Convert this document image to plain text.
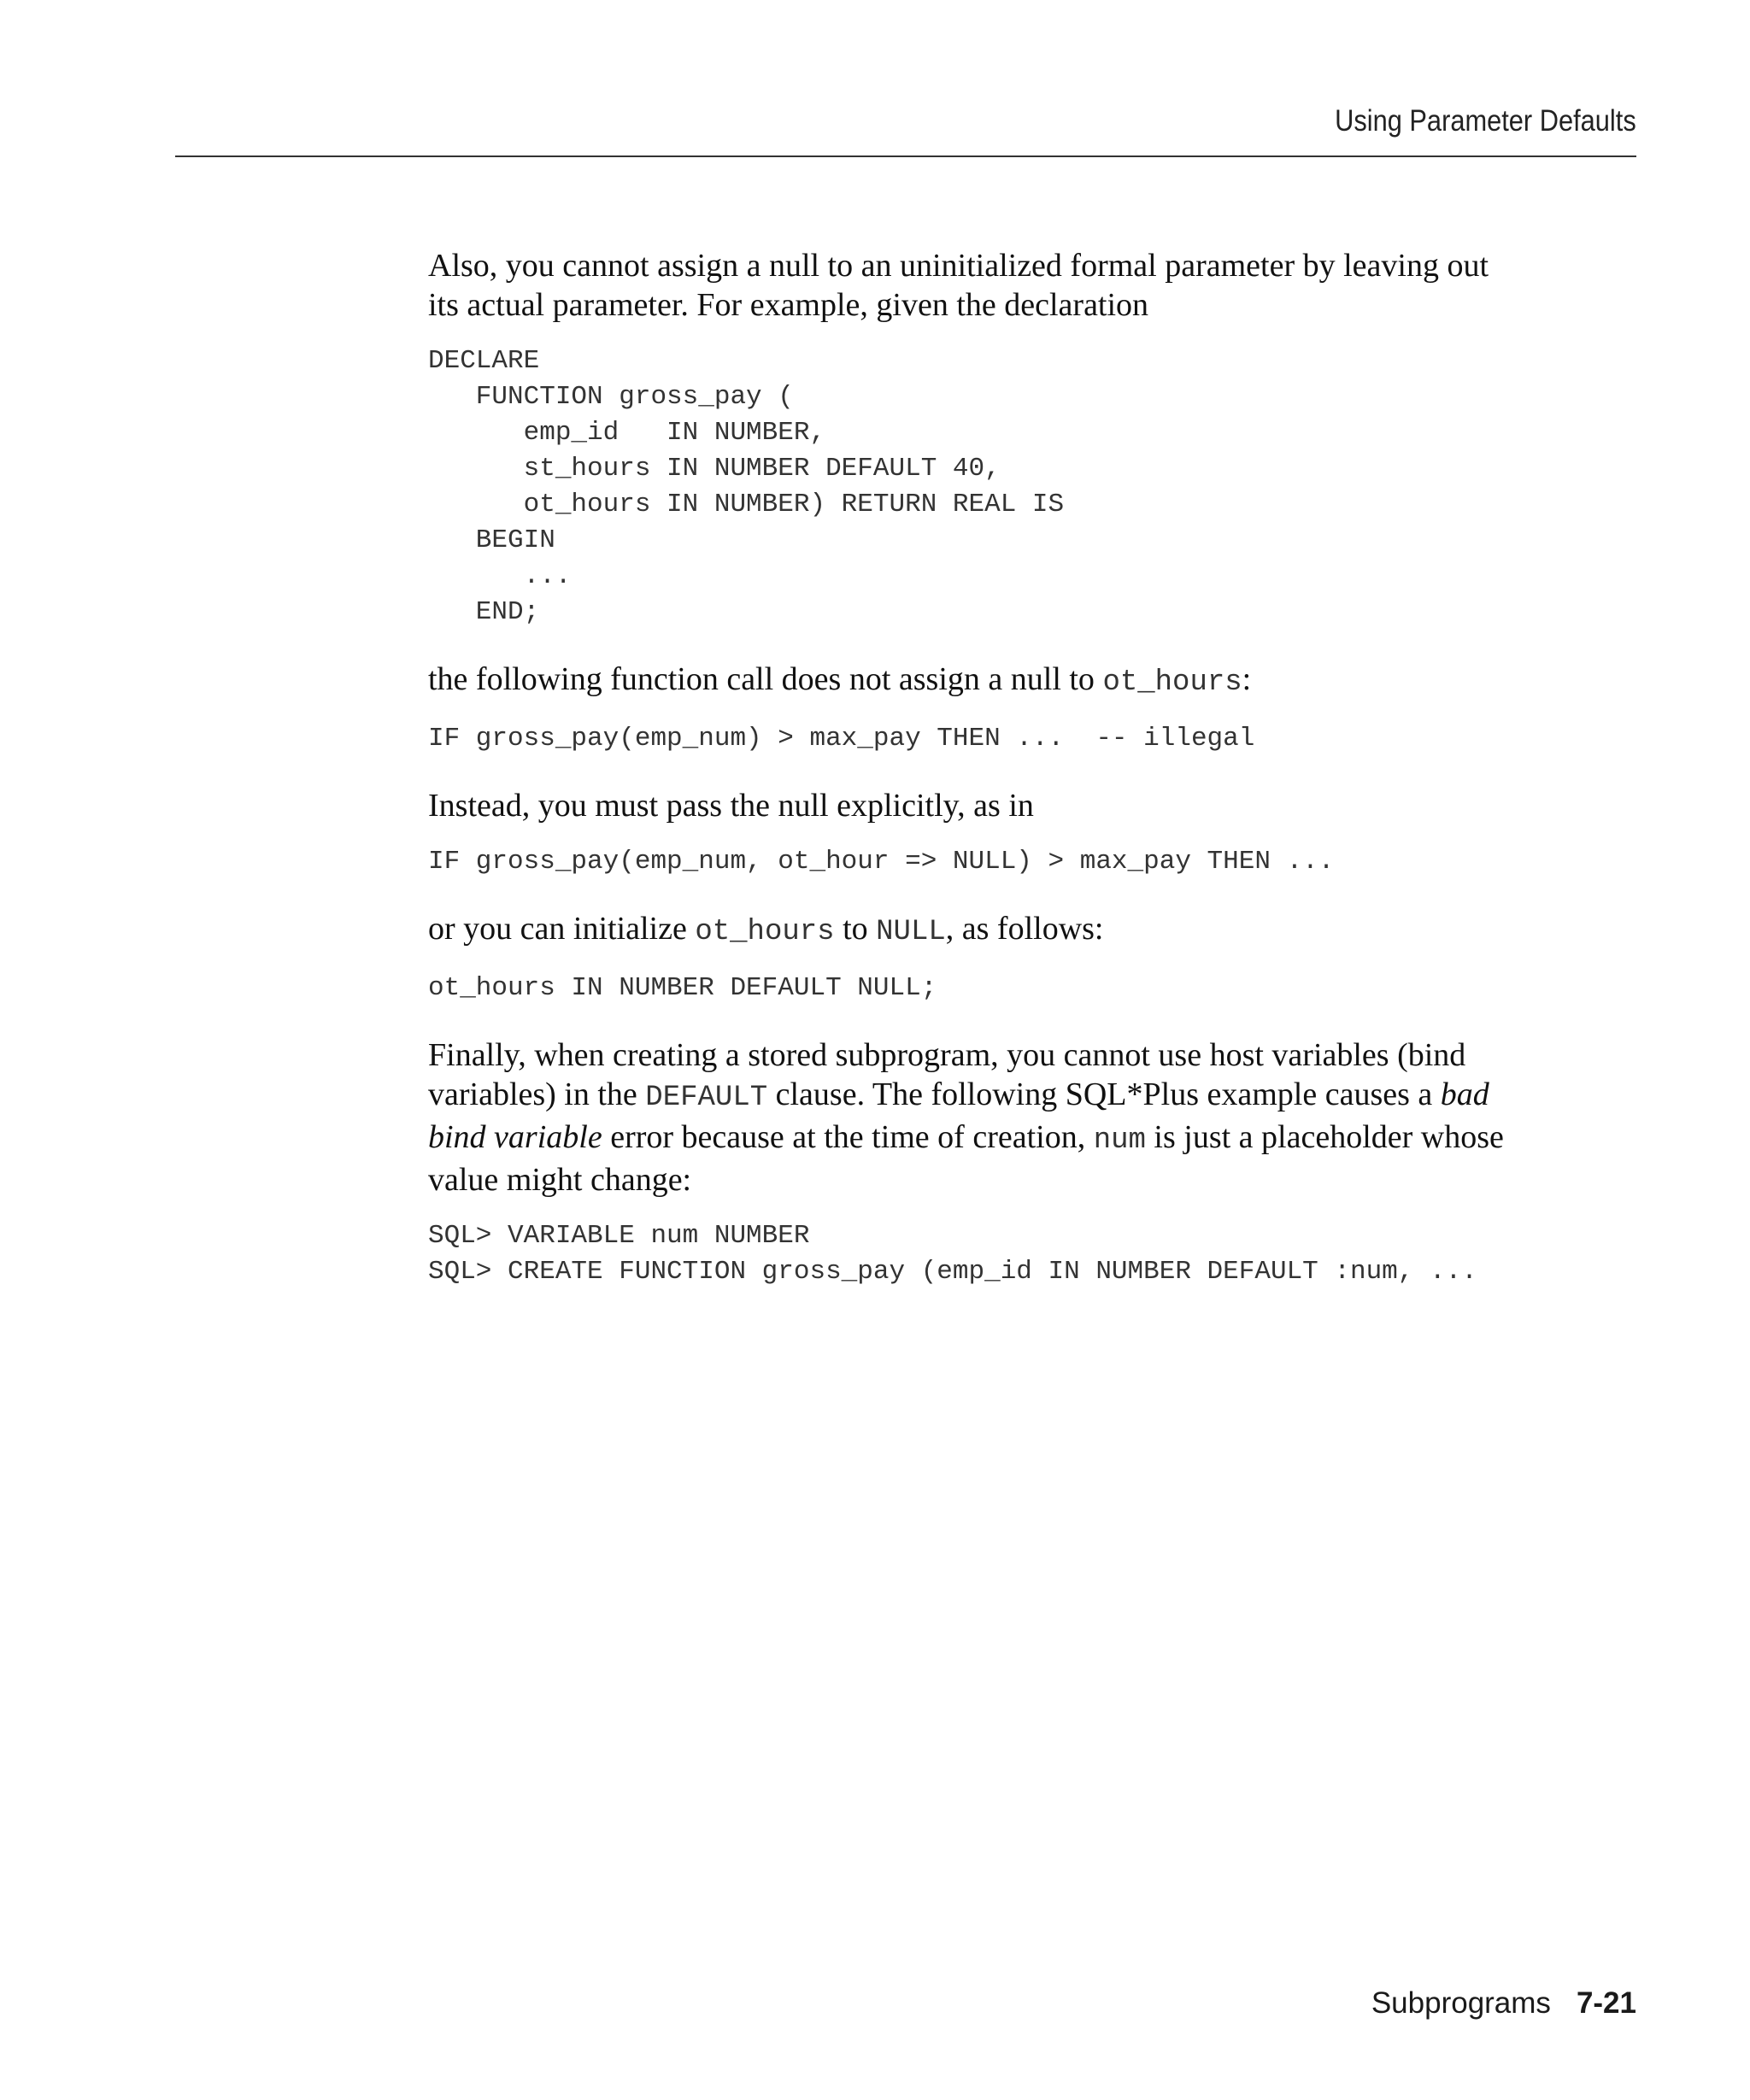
Using Parameter Defaults

Also, you cannot assign a null to an uninitialized formal parameter by leaving out
its actual parameter. For example, given the declaration

DECLARE
FUNCTION gross_pay (
emp_id   IN NUMBER,
st_hours IN NUMBER DEFAULT 40,
ot_hours IN NUMBER) RETURN REAL IS
BEGIN
...
END;

the following function call does not assign a null to ot_hours:

IF gross_pay(emp_num) > max_pay THEN ...  -- illegal

Instead, you must pass the null explicitly, as in

IF gross_pay(emp_num, ot_hour => NULL) > max_pay THEN ...

or you can initialize ot_hours to NULL, as follows:

ot_hours IN NUMBER DEFAULT NULL;

Finally, when creating a stored subprogram, you cannot use host variables (bind
variables) in the DEFAULT clause. The following SQL*Plus example causes a bad
bind variable error because at the time of creation, num is just a placeholder whose
value might change:

SQL> VARIABLE num NUMBER
SQL> CREATE FUNCTION gross_pay (emp_id IN NUMBER DEFAULT :num, ...
Subprograms 7-21
